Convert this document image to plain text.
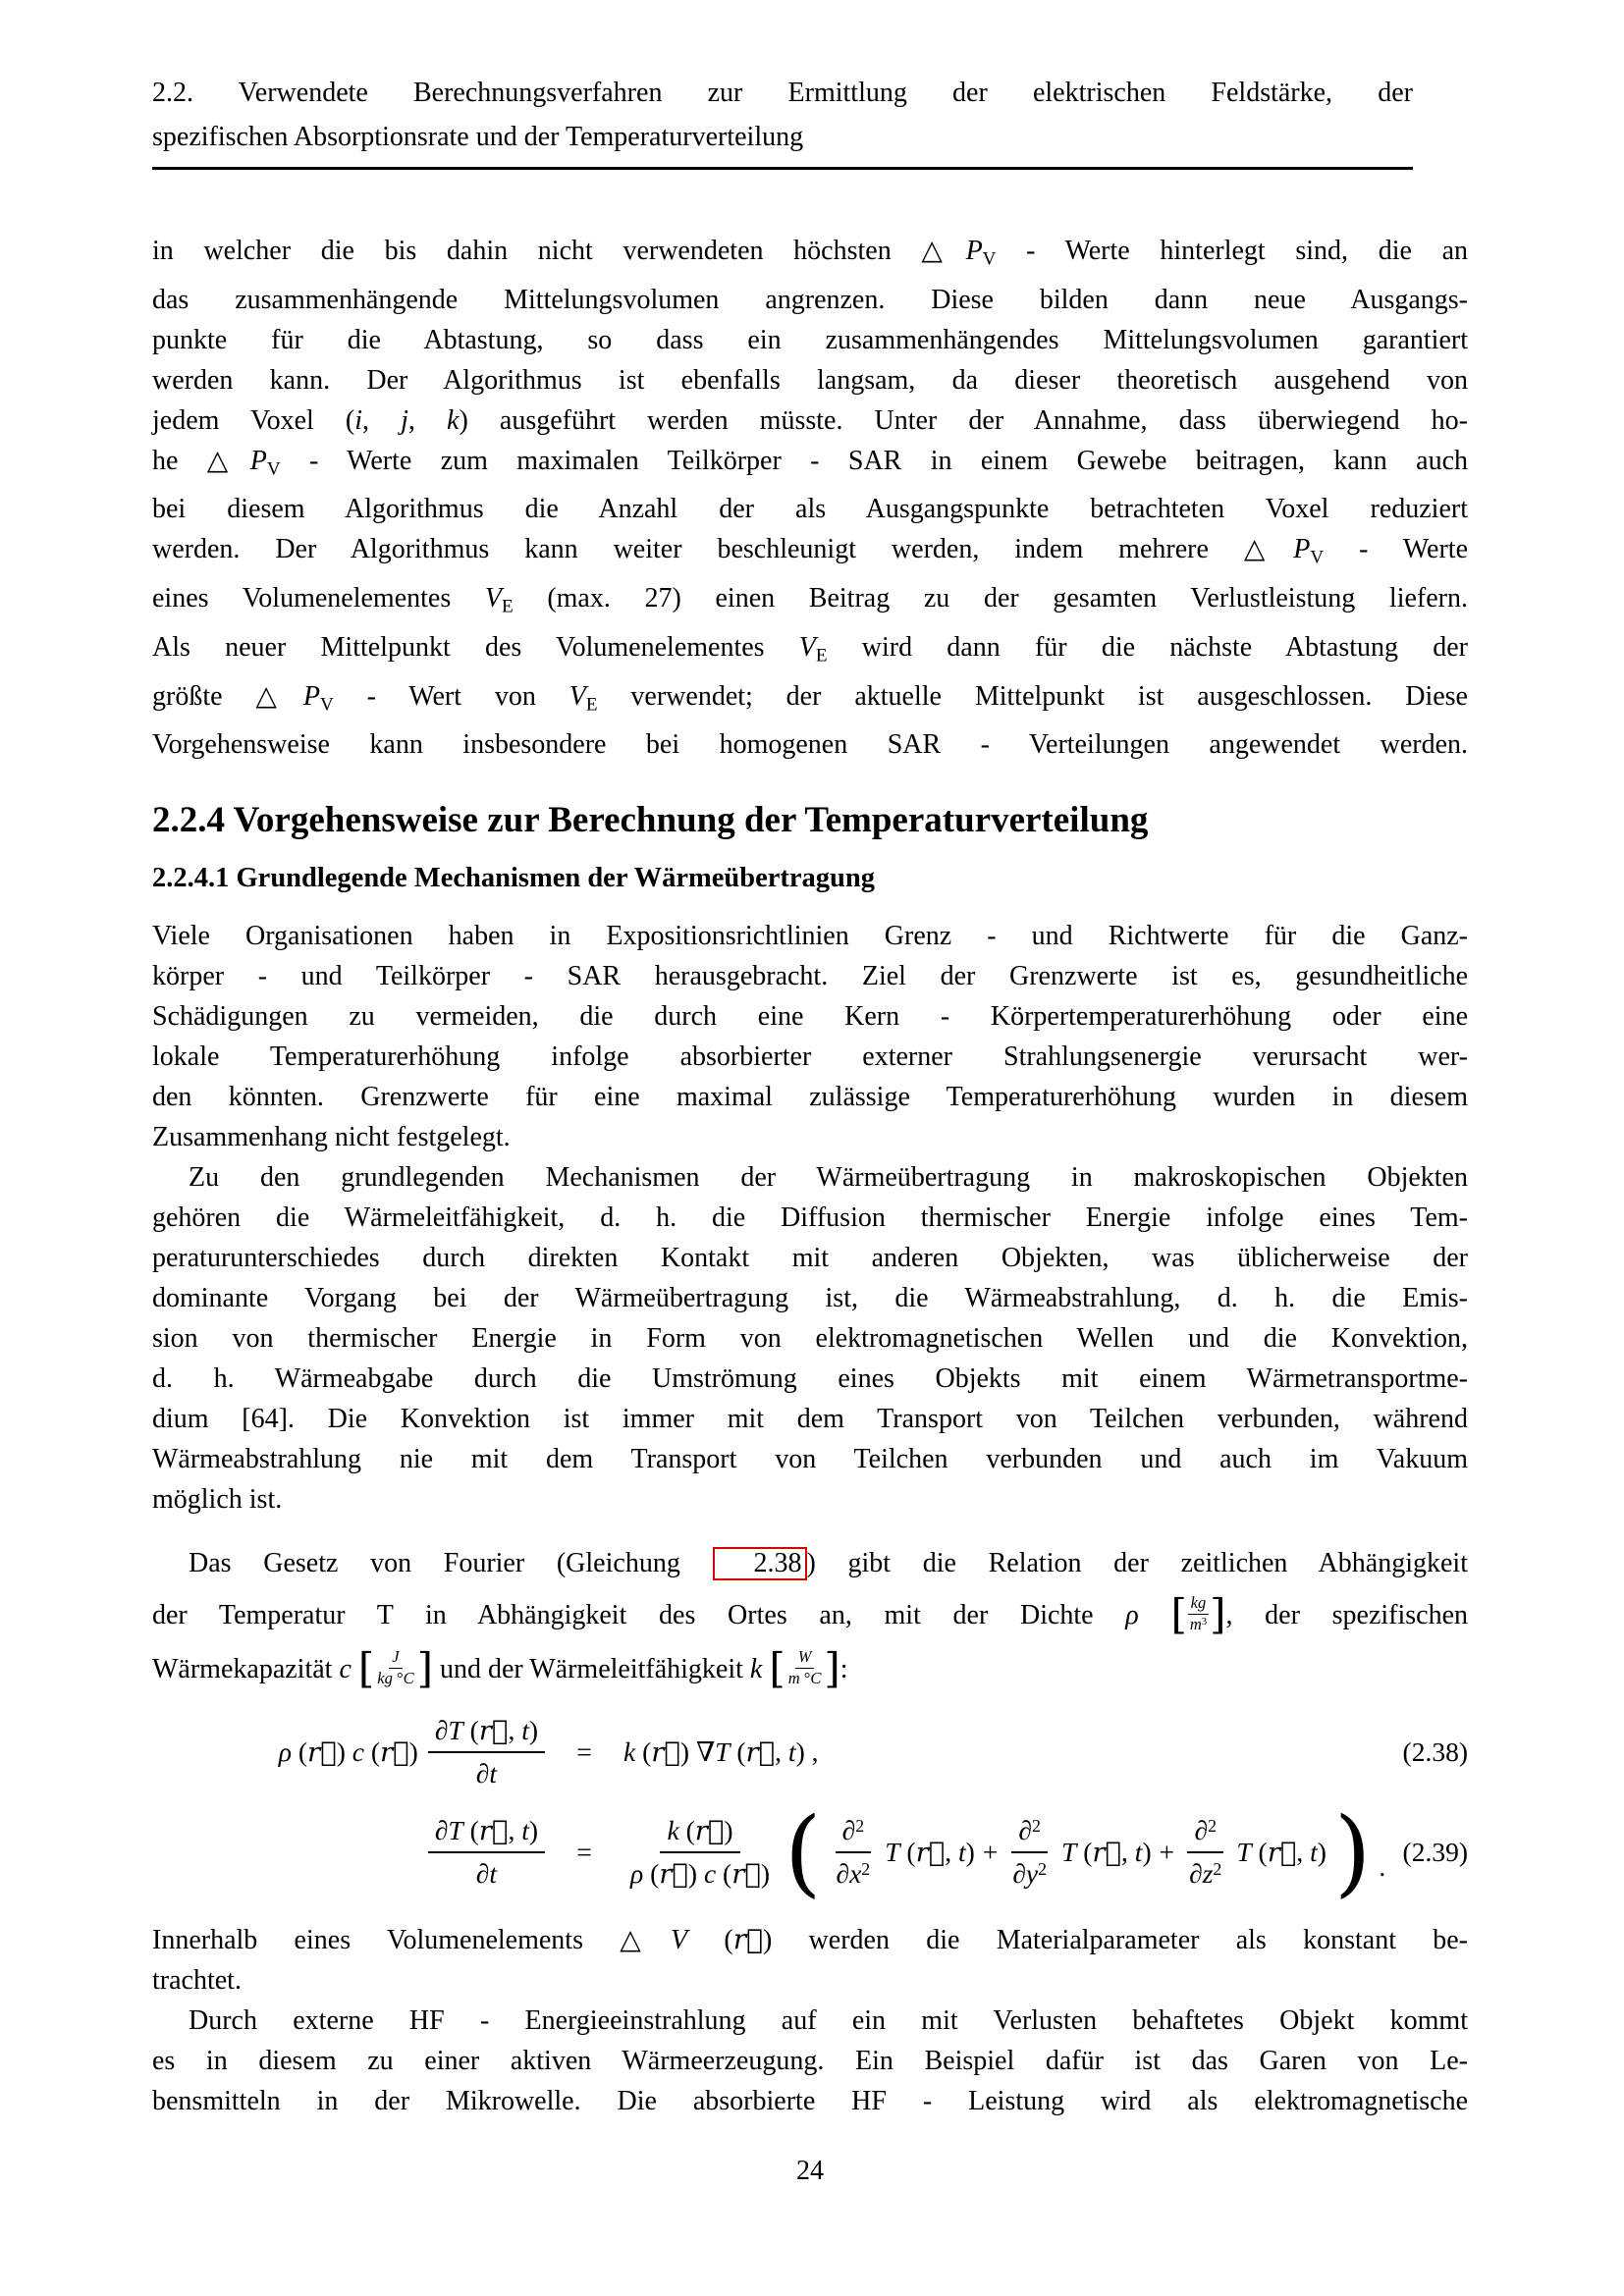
2.2. Verwendete Berechnungsverfahren zur Ermittlung der elektrischen Feldstärke, der
spezifischen Absorptionsrate und der Temperaturverteilung
in welcher die bis dahin nicht verwendeten höchsten $\triangle P_V$ - Werte hinterlegt sind, die an
das zusammenhängende Mittelungsvolumen angrenzen. Diese bilden dann neue Ausgangs-
punkte für die Abtastung, so dass ein zusammenhängendes Mittelungsvolumen garantiert
werden kann. Der Algorithmus ist ebenfalls langsam, da dieser theoretisch ausgehend von
jedem Voxel (i, j, k) ausgeführt werden müsste. Unter der Annahme, dass überwiegend ho-
he $\triangle P_V$ - Werte zum maximalen Teilkörper - SAR in einem Gewebe beitragen, kann auch
bei diesem Algorithmus die Anzahl der als Ausgangspunkte betrachteten Voxel reduziert
werden. Der Algorithmus kann weiter beschleunigt werden, indem mehrere $\triangle P_V$ - Werte
eines Volumenelementes $V_E$ (max. 27) einen Beitrag zu der gesamten Verlustleistung liefern.
Als neuer Mittelpunkt des Volumenelementes $V_E$ wird dann für die nächste Abtastung der
größte $\triangle P_V$ - Wert von $V_E$ verwendet; der aktuelle Mittelpunkt ist ausgeschlossen. Diese
Vorgehensweise kann insbesondere bei homogenen SAR - Verteilungen angewendet werden.
2.2.4 Vorgehensweise zur Berechnung der Temperaturverteilung
2.2.4.1 Grundlegende Mechanismen der Wärmeübertragung
Viele Organisationen haben in Expositionsrichtlinien Grenz - und Richtwerte für die Ganz-
körper - und Teilkörper - SAR herausgebracht. Ziel der Grenzwerte ist es, gesundheitliche
Schädigungen zu vermeiden, die durch eine Kern - Körpertemperaturerhöhung oder eine
lokale Temperaturerhöhung infolge absorbierter externer Strahlungsenergie verursacht wer-
den könnten. Grenzwerte für eine maximal zulässige Temperaturerhöhung wurden in diesem
Zusammenhang nicht festgelegt.
Zu den grundlegenden Mechanismen der Wärmeübertragung in makroskopischen Objekten
gehören die Wärmeleitfähigkeit, d. h. die Diffusion thermischer Energie infolge eines Tem-
peraturunterschiedes durch direkten Kontakt mit anderen Objekten, was üblicherweise der
dominante Vorgang bei der Wärmeübertragung ist, die Wärmeabstrahlung, d. h. die Emis-
sion von thermischer Energie in Form von elektromagnetischen Wellen und die Konvektion,
d. h. Wärmeabgabe durch die Umströmung eines Objekts mit einem Wärmetransportme-
dium [64]. Die Konvektion ist immer mit dem Transport von Teilchen verbunden, während
Wärmeabstrahlung nie mit dem Transport von Teilchen verbunden und auch im Vakuum
möglich ist.
Das Gesetz von Fourier (Gleichung 2.38 ) gibt die Relation der zeitlichen Abhängigkeit
der Temperatur T in Abhängigkeit des Ortes an, mit der Dichte ρ [ $\frac{kg}{m^3}$ ], der spezifischen
Wärmekapazität c [ $\frac{J}{kg ^\circ C}$ ] und der Wärmeleitfähigkeit k [ $\frac{W}{m ^\circ C}$ ]:
ρ (r⃗) c (r⃗) $\frac{\partial T (r⃗, t)}{\partial t}$	=	k (r⃗) ∇T (r⃗, t) ,	(2.38)
$\frac{\partial T (r⃗, t)}{\partial t}$	=	$\frac{k (r⃗)}{\rho (r⃗) c (r⃗)}$ ( $\frac{\partial^2}{\partial x^2}$ T (r⃗, $t) + \frac{\partial^2}{\partial y^2}$ T (r⃗, $t) + \frac{\partial^2}{\partial z^2}$ T (r⃗, t) ) . (2.39)
Innerhalb eines Volumenelements △V (r⃗) werden die Materialparameter als konstant be-
trachtet.
Durch externe HF - Energieeinstrahlung auf ein mit Verlusten behaftetes Objekt kommt
es in diesem zu einer aktiven Wärmeerzeugung. Ein Beispiel dafür ist das Garen von Le-
bensmitteln in der Mikrowelle. Die absorbierte HF - Leistung wird als elektromagnetische
24
